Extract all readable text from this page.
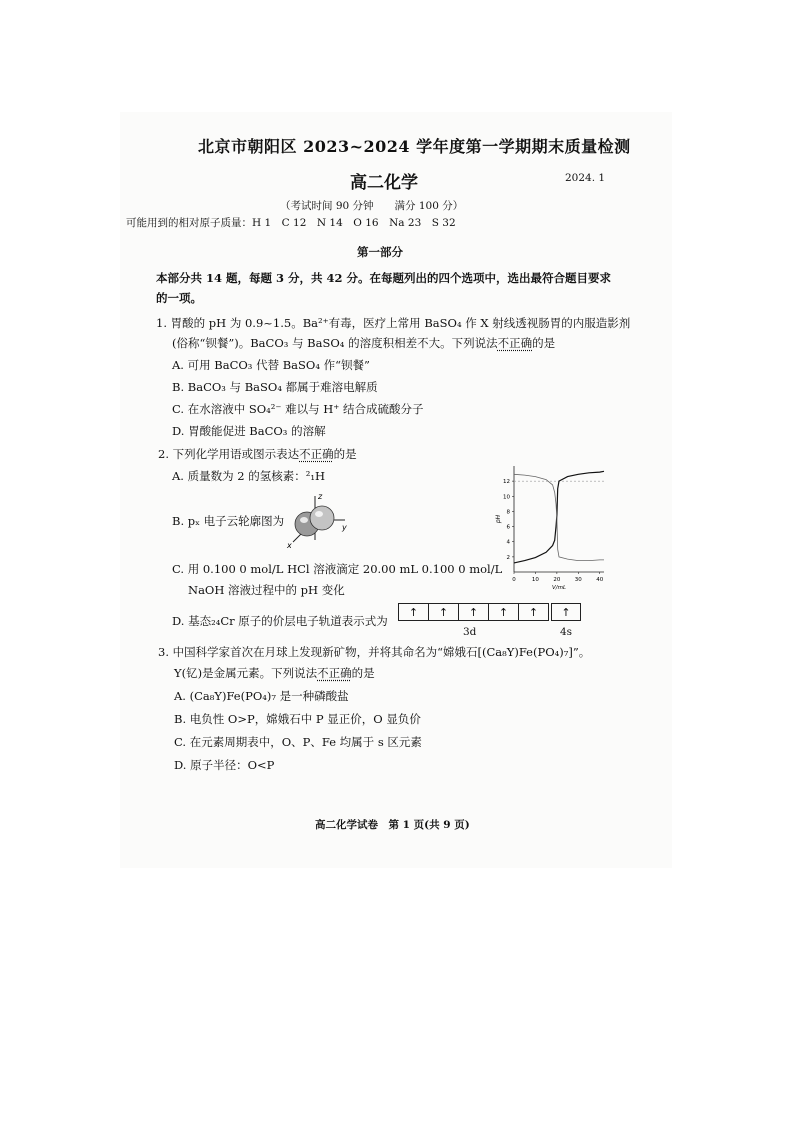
北京市朝阳区 2023~2024 学年度第一学期期末质量检测
高二化学	2024. 1
（考试时间 90 分钟　　满分 100 分）
可能用到的相对原子质量：H 1　C 12　N 14　O 16　Na 23　S 32
第一部分
本部分共 14 题，每题 3 分，共 42 分。在每题列出的四个选项中，选出最符合题目要求
的一项。
1. 胃酸的 pH 为 0.9~1.5。Ba²⁺有毒，医疗上常用 BaSO₄ 作 X 射线透视肠胃的内服造影剂
(俗称“钡餐”)。BaCO₃ 与 BaSO₄ 的溶度积相差不大。下列说法不正确的是
A. 可用 BaCO₃ 代替 BaSO₄ 作“钡餐”
B. BaCO₃ 与 BaSO₄ 都属于难溶电解质
C. 在水溶液中 SO₄²⁻ 难以与 H⁺ 结合成硫酸分子
D. 胃酸能促进 BaCO₃ 的溶解
2. 下列化学用语或图示表达不正确的是
A. 质量数为 2 的氢核素：²₁H
B. pₓ 电子云轮廓图为
z
y
x
C. 用 0.100 0 mol/L HCl 溶液滴定 20.00 mL 0.100 0 mol/L
NaOH 溶液过程中的 pH 变化
0	10	20	30	40
2
4
6
8
10
12
V/mL
pH
D. 基态₂₄Cr 原子的价层电子轨道表示式为
↑	↑	↑	↑	↑	↑
3d	4s
3. 中国科学家首次在月球上发现新矿物，并将其命名为“嫦娥石[(Ca₈Y)Fe(PO₄)₇]”。
Y(钇)是金属元素。下列说法不正确的是
A. (Ca₈Y)Fe(PO₄)₇ 是一种磷酸盐
B. 电负性 O>P，嫦娥石中 P 显正价，O 显负价
C. 在元素周期表中，O、P、Fe 均属于 s 区元素
D. 原子半径：O<P
高二化学试卷　第 1 页(共 9 页)
